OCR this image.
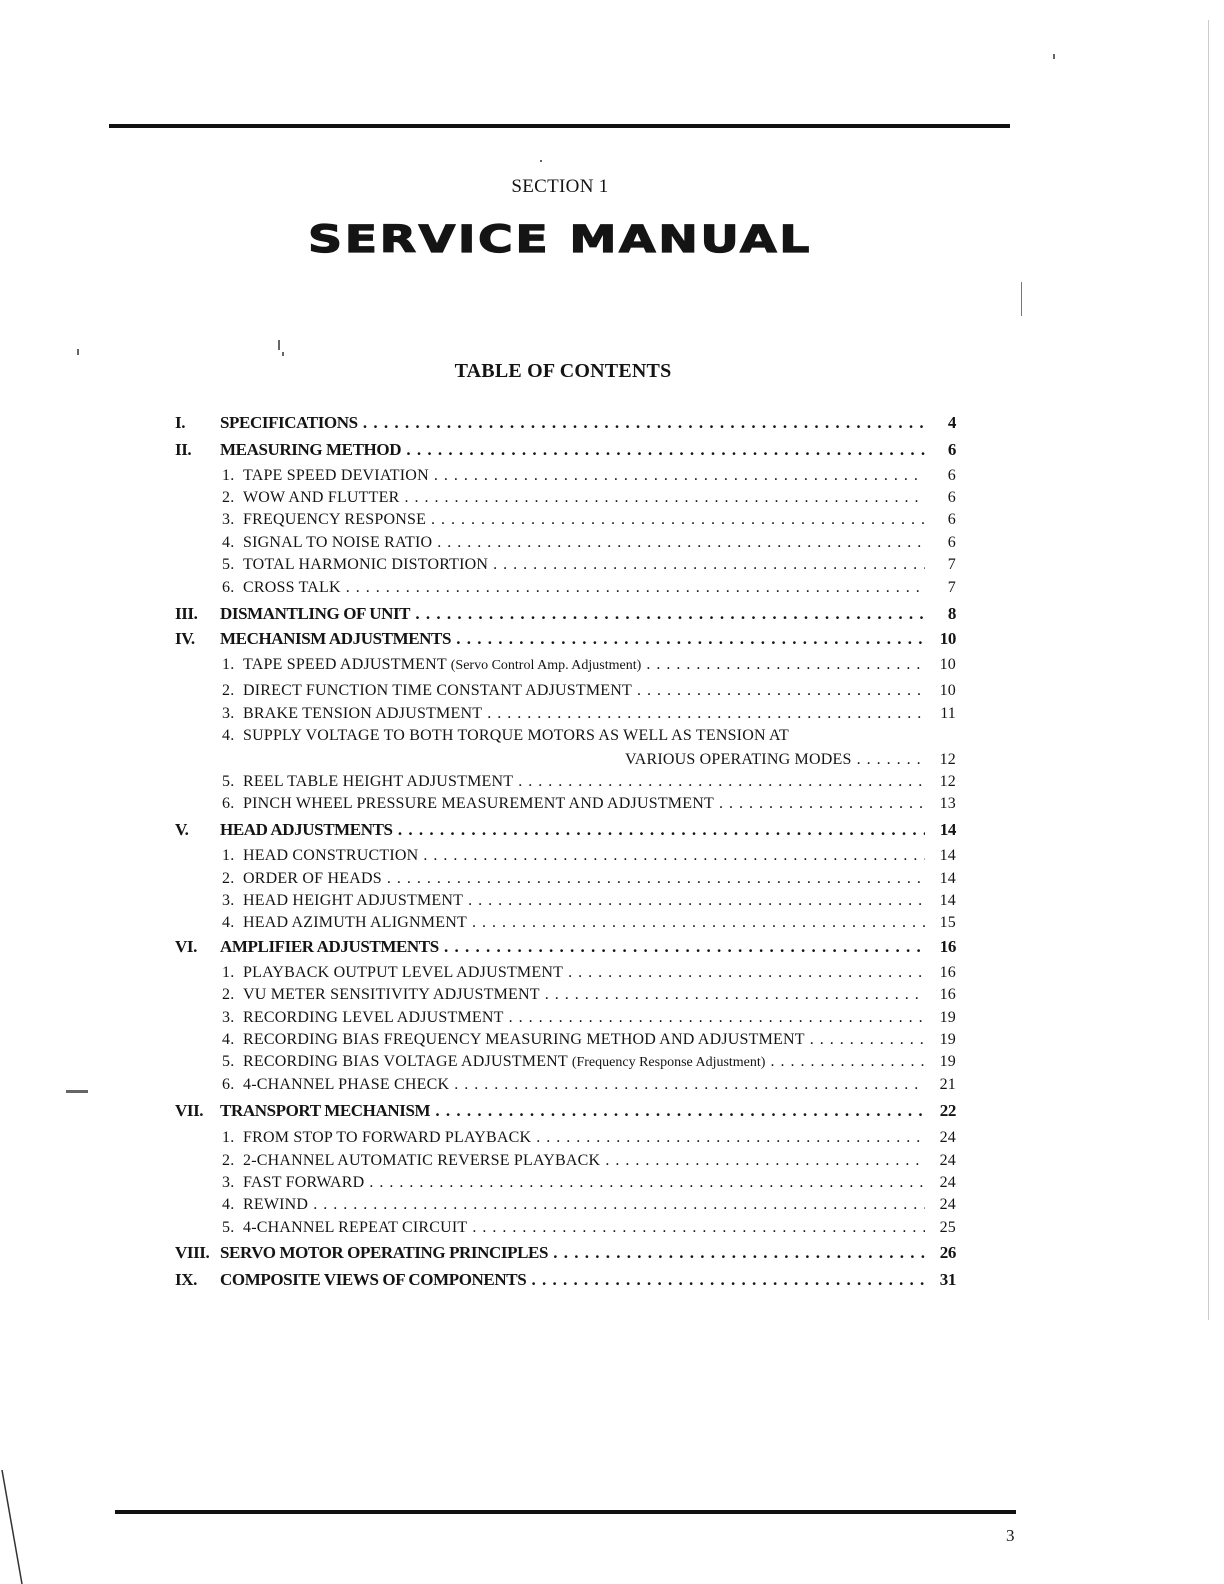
SECTION 1
SERVICE MANUAL
TABLE OF CONTENTS
I. SPECIFICATIONS . . .	4
II. MEASURING METHOD . . .	6
1. TAPE SPEED DEVIATION . . .	6
2. WOW AND FLUTTER . . .	6
3. FREQUENCY RESPONSE . . .	6
4. SIGNAL TO NOISE RATIO . . .	6
5. TOTAL HARMONIC DISTORTION . . .	7
6. CROSS TALK . . .	7
III. DISMANTLING OF UNIT . . .	8
IV. MECHANISM ADJUSTMENTS . . .	10
1. TAPE SPEED ADJUSTMENT (Servo Control Amp. Adjustment) . . .	10
2. DIRECT FUNCTION TIME CONSTANT ADJUSTMENT . . .	10
3. BRAKE TENSION ADJUSTMENT . . .	11
4. SUPPLY VOLTAGE TO BOTH TORQUE MOTORS AS WELL AS TENSION AT
VARIOUS OPERATING MODES . . .	12
5. REEL TABLE HEIGHT ADJUSTMENT . . .	12
6. PINCH WHEEL PRESSURE MEASUREMENT AND ADJUSTMENT . . .	13
V. HEAD ADJUSTMENTS . . .	14
1. HEAD CONSTRUCTION . . .	14
2. ORDER OF HEADS . . .	14
3. HEAD HEIGHT ADJUSTMENT . . .	14
4. HEAD AZIMUTH ALIGNMENT . . .	15
VI. AMPLIFIER ADJUSTMENTS . . .	16
1. PLAYBACK OUTPUT LEVEL ADJUSTMENT . . .	16
2. VU METER SENSITIVITY ADJUSTMENT . . .	16
3. RECORDING LEVEL ADJUSTMENT . . .	19
4. RECORDING BIAS FREQUENCY MEASURING METHOD AND ADJUSTMENT . . .	19
5. RECORDING BIAS VOLTAGE ADJUSTMENT (Frequency Response Adjustment) . . .	19
6. 4-CHANNEL PHASE CHECK . . .	21
VII. TRANSPORT MECHANISM . . .	22
1. FROM STOP TO FORWARD PLAYBACK . . .	24
2. 2-CHANNEL AUTOMATIC REVERSE PLAYBACK . . .	24
3. FAST FORWARD . . .	24
4. REWIND . . .	24
5. 4-CHANNEL REPEAT CIRCUIT . . .	25
VIII. SERVO MOTOR OPERATING PRINCIPLES . . .	26
IX. COMPOSITE VIEWS OF COMPONENTS . . .	31
3
